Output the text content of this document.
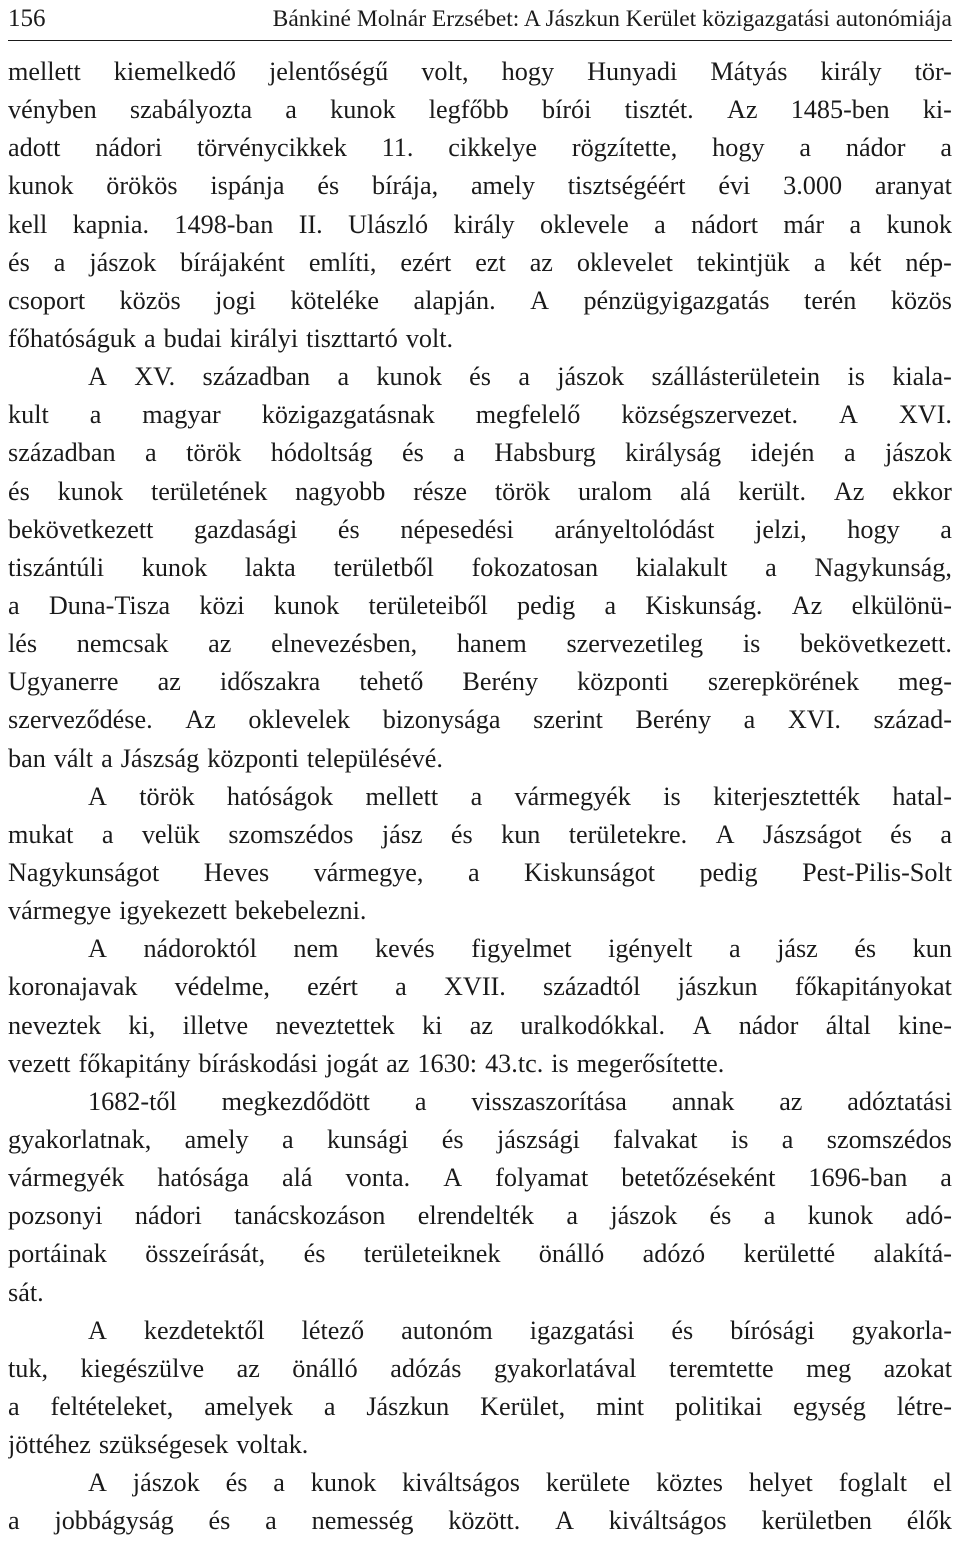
156	Bánkiné Molnár Erzsébet: A Jászkun Kerület közigazgatási autonómiája
mellett kiemelkedő jelentőségű volt, hogy Hunyadi Mátyás király tör-
vényben szabályozta a kunok legfőbb bírói tisztét. Az 1485-ben ki-
adott nádori törvénycikkek 11. cikkelye rögzítette, hogy a nádor a
kunok örökös ispánja és bírája, amely tisztségéért évi 3.000 aranyat
kell kapnia. 1498-ban II. Ulászló király oklevele a nádort már a kunok
és a jászok bírájaként említi, ezért ezt az oklevelet tekintjük a két nép-
csoport közös jogi köteléke alapján. A pénzügyigazgatás terén közös
főhatóságuk a budai királyi tiszttartó volt.
A XV. században a kunok és a jászok szállásterületein is kiala-
kult a magyar közigazgatásnak megfelelő községszervezet. A XVI.
században a török hódoltság és a Habsburg királyság idején a jászok
és kunok területének nagyobb része török uralom alá került. Az ekkor
bekövetkezett gazdasági és népesedési arányeltolódást jelzi, hogy a
tiszántúli kunok lakta területből fokozatosan kialakult a Nagykunság,
a Duna-Tisza közi kunok területeiből pedig a Kiskunság. Az elkülönü-
lés nemcsak az elnevezésben, hanem szervezetileg is bekövetkezett.
Ugyanerre az időszakra tehető Berény központi szerepkörének meg-
szerveződése. Az oklevelek bizonysága szerint Berény a XVI. század-
ban vált a Jászság központi településévé.
A török hatóságok mellett a vármegyék is kiterjesztették hatal-
mukat a velük szomszédos jász és kun területekre. A Jászságot és a
Nagykunságot Heves vármegye, a Kiskunságot pedig Pest-Pilis-Solt
vármegye igyekezett bekebelezni.
A nádoroktól nem kevés figyelmet igényelt a jász és kun
koronajavak védelme, ezért a XVII. századtól jászkun főkapitányokat
neveztek ki, illetve neveztettek ki az uralkodókkal. A nádor által kine-
vezett főkapitány bíráskodási jogát az 1630: 43.tc. is megerősítette.
1682-től megkezdődött a visszaszorítása annak az adóztatási
gyakorlatnak, amely a kunsági és jászsági falvakat is a szomszédos
vármegyék hatósága alá vonta. A folyamat betetőzéseként 1696-ban a
pozsonyi nádori tanácskozáson elrendelték a jászok és a kunok adó-
portáinak összeírását, és területeiknek önálló adózó kerületté alakítá-
sát.
A kezdetektől létező autonóm igazgatási és bírósági gyakorla-
tuk, kiegészülve az önálló adózás gyakorlatával teremtette meg azokat
a feltételeket, amelyek a Jászkun Kerület, mint politikai egység létre-
jöttéhez szükségesek voltak.
A jászok és a kunok kiváltságos kerülete köztes helyet foglalt el
a jobbágyság és a nemesség között. A kiváltságos kerületben élők
